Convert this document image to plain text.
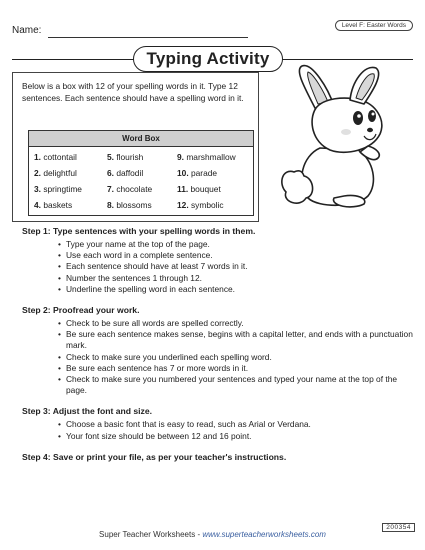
Name:	Level F: Easter Words
Typing Activity
Below is a box with 12 of your spelling words in it. Type 12 sentences. Each sentence should have a spelling word in it.
Word Box
1. cottontail
2. delightful
3. springtime
4. baskets
5. flourish
6. daffodil
7. chocolate
8. blossoms
9. marshmallow
10. parade
11. bouquet
12. symbolic

Step 1: Type sentences with your spelling words in them.

• Type your name at the top of the page.
• Use each word in a complete sentence.
• Each sentence should have at least 7 words in it.
• Number the sentences 1 through 12.
• Underline the spelling word in each sentence.

Step 2: Proofread your work.

• Check to be sure all words are spelled correctly.
• Be sure each sentence makes sense, begins with a capital letter, and ends with a punctuation mark.
• Check to make sure you underlined each spelling word.
• Be sure each sentence has 7 or more words in it.
• Check to make sure you numbered your sentences and typed your name at the top of the page.

Step 3: Adjust the font and size.

• Choose a basic font that is easy to read, such as Arial or Verdana.
• Your font size should be between 12 and 16 point.

Step 4: Save or print your file, as per your teacher's instructions.

Super Teacher Worksheets - www.superteacherworksheets.com
200354
